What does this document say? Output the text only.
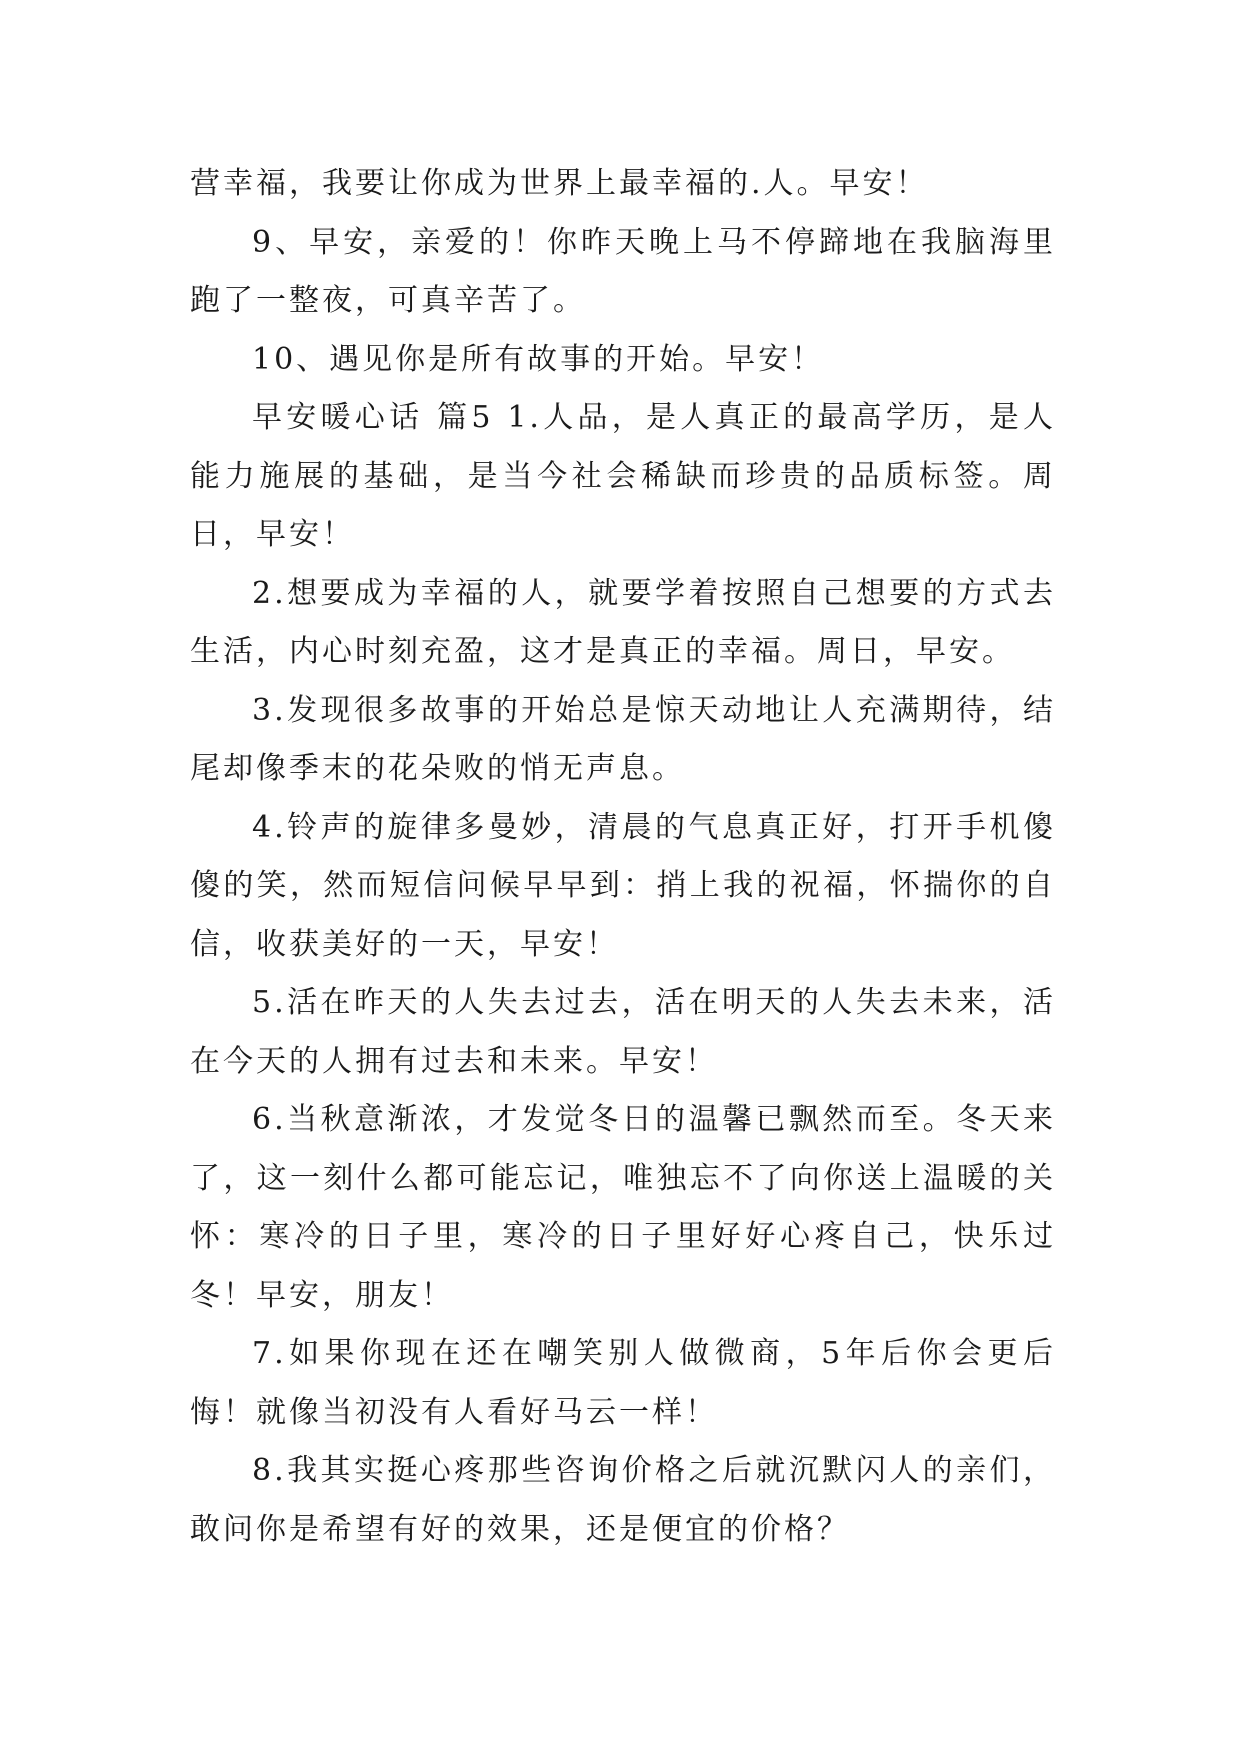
营幸福，我要让你成为世界上最幸福的.人。早安！

9、早安，亲爱的！你昨天晚上马不停蹄地在我脑海里跑了一整夜，可真辛苦了。

10、遇见你是所有故事的开始。早安！

早安暖心话 篇5 1.人品，是人真正的最高学历，是人能力施展的基础，是当今社会稀缺而珍贵的品质标签。周日，早安！

2.想要成为幸福的人，就要学着按照自己想要的方式去生活，内心时刻充盈，这才是真正的幸福。周日，早安。

3.发现很多故事的开始总是惊天动地让人充满期待，结尾却像季末的花朵败的悄无声息。

4.铃声的旋律多曼妙，清晨的气息真正好，打开手机傻傻的笑，然而短信问候早早到：捎上我的祝福，怀揣你的自信，收获美好的一天，早安！

5.活在昨天的人失去过去，活在明天的人失去未来，活在今天的人拥有过去和未来。早安！

6.当秋意渐浓，才发觉冬日的温馨已飘然而至。冬天来了，这一刻什么都可能忘记，唯独忘不了向你送上温暖的关怀：寒冷的日子里，寒冷的日子里好好心疼自己，快乐过冬！早安，朋友！

7.如果你现在还在嘲笑别人做微商，5年后你会更后悔！就像当初没有人看好马云一样！

8.我其实挺心疼那些咨询价格之后就沉默闪人的亲们，敢问你是希望有好的效果，还是便宜的价格？
